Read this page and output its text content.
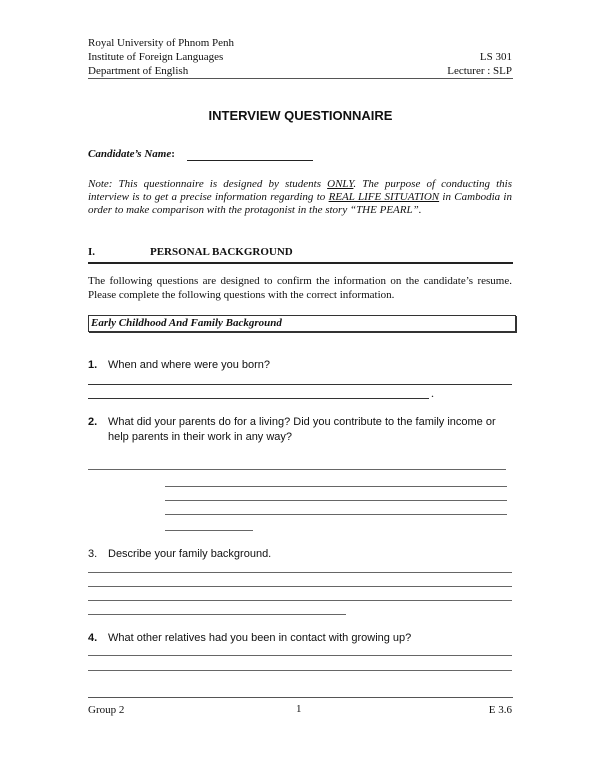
Royal University of Phnom Penh
Institute of Foreign Languages	LS 301
Department of English	Lecturer : SLP
INTERVIEW QUESTIONNAIRE
Candidate’s Name:
Note: This questionnaire is designed by students ONLY. The purpose of conducting this interview is to get a precise information regarding to REAL LIFE SITUATION in Cambodia in order to make comparison with the protagonist in the story “THE PEARL”.
I.	PERSONAL BACKGROUND
The following questions are designed to confirm the information on the candidate’s resume. Please complete the following questions with the correct information.
Early Childhood And Family Background
1. When and where were you born?
.
2. What did your parents do for a living? Did you contribute to the family income or help parents in their work in any way?
3. Describe your family background.
4. What other relatives had you been in contact with growing up?
Group 2	1	E 3.6
